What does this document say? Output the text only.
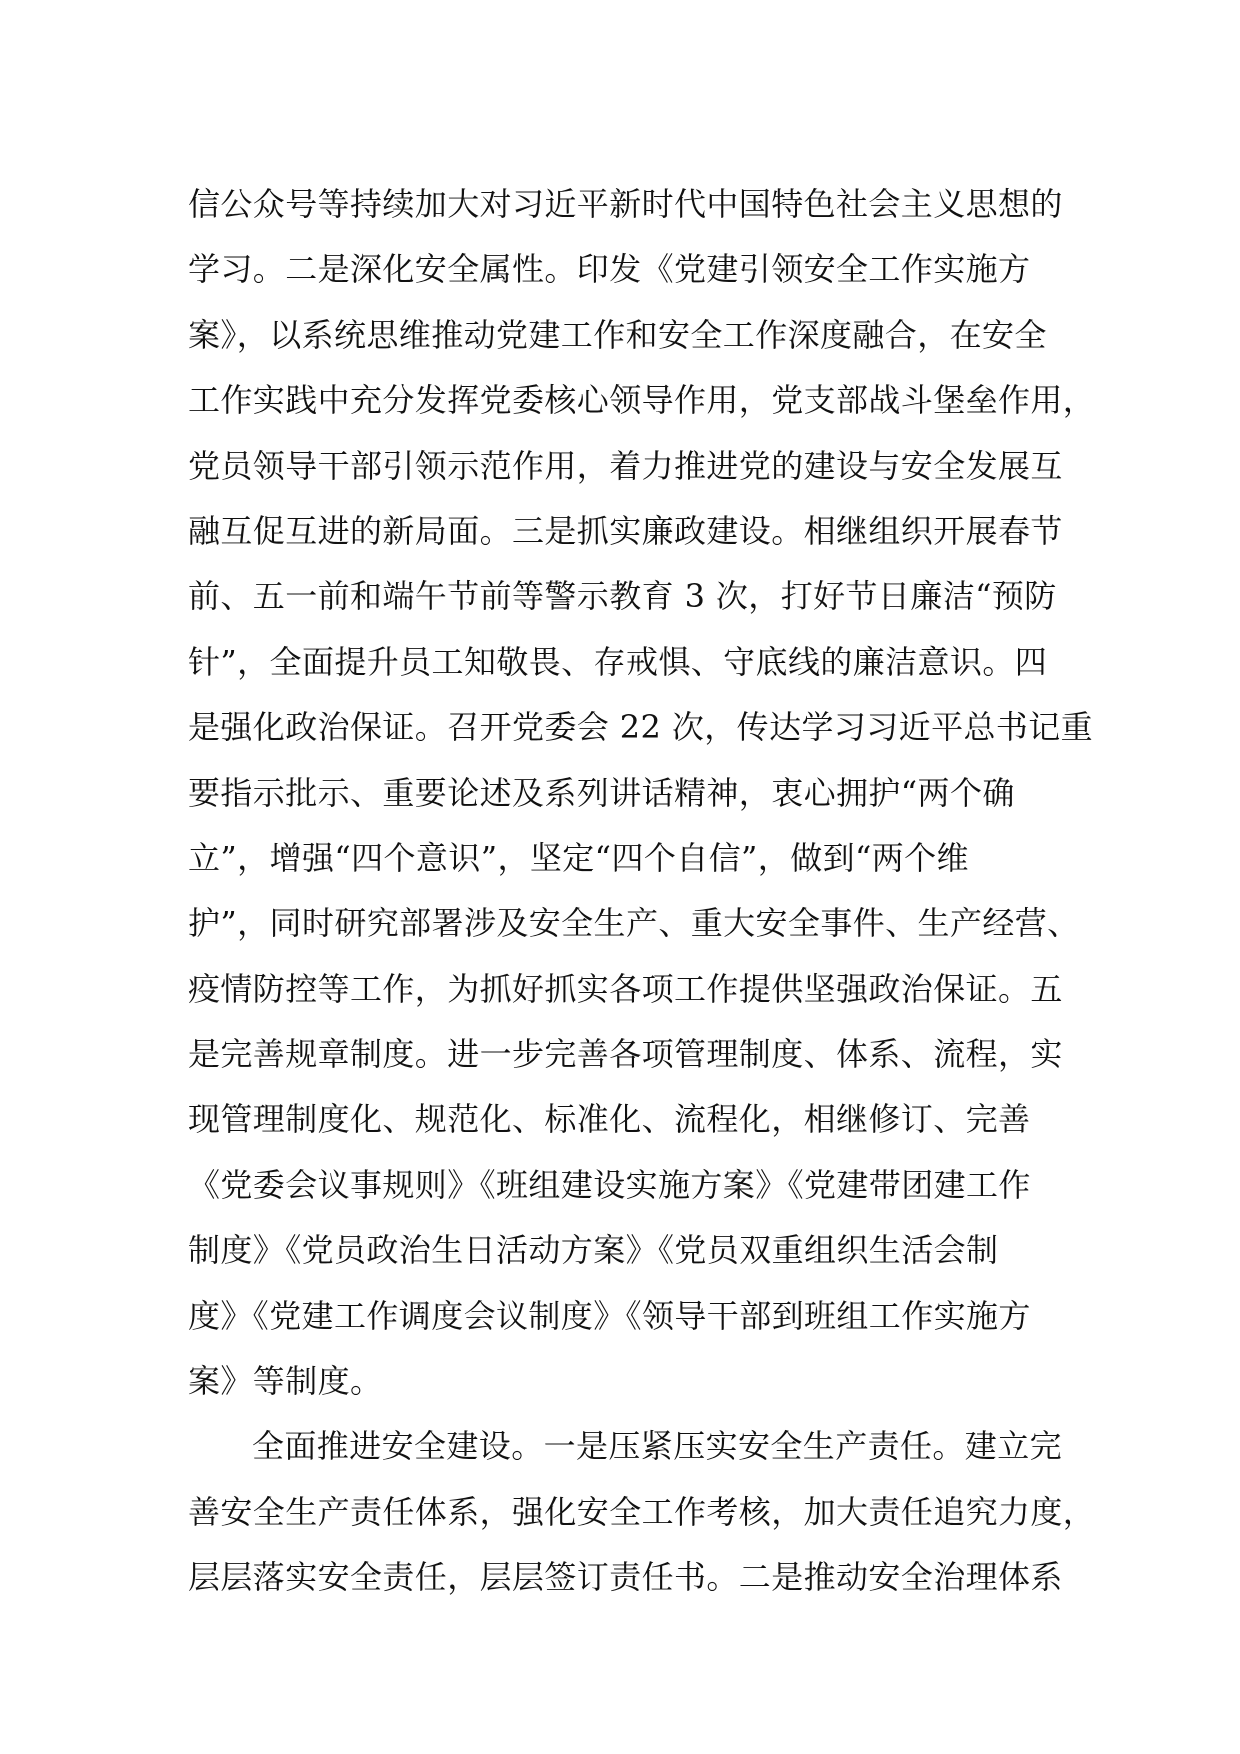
信公众号等持续加大对习近平新时代中国特色社会主义思想的
学习。二是深化安全属性。印发《党建引领安全工作实施方
案》，以系统思维推动党建工作和安全工作深度融合，在安全
工作实践中充分发挥党委核心领导作用，党支部战斗堡垒作用，
党员领导干部引领示范作用，着力推进党的建设与安全发展互
融互促互进的新局面。三是抓实廉政建设。相继组织开展春节
前、五一前和端午节前等警示教育 3 次，打好节日廉洁“预防
针”，全面提升员工知敬畏、存戒惧、守底线的廉洁意识。四
是强化政治保证。召开党委会 22 次，传达学习习近平总书记重
要指示批示、重要论述及系列讲话精神，衷心拥护“两个确
立”，增强“四个意识”，坚定“四个自信”，做到“两个维
护”，同时研究部署涉及安全生产、重大安全事件、生产经营、
疫情防控等工作，为抓好抓实各项工作提供坚强政治保证。五
是完善规章制度。进一步完善各项管理制度、体系、流程，实
现管理制度化、规范化、标准化、流程化，相继修订、完善
《党委会议事规则》《班组建设实施方案》《党建带团建工作
制度》《党员政治生日活动方案》《党员双重组织生活会制
度》《党建工作调度会议制度》《领导干部到班组工作实施方
案》等制度。
全面推进安全建设。一是压紧压实安全生产责任。建立完
善安全生产责任体系，强化安全工作考核，加大责任追究力度，
层层落实安全责任，层层签订责任书。二是推动安全治理体系
